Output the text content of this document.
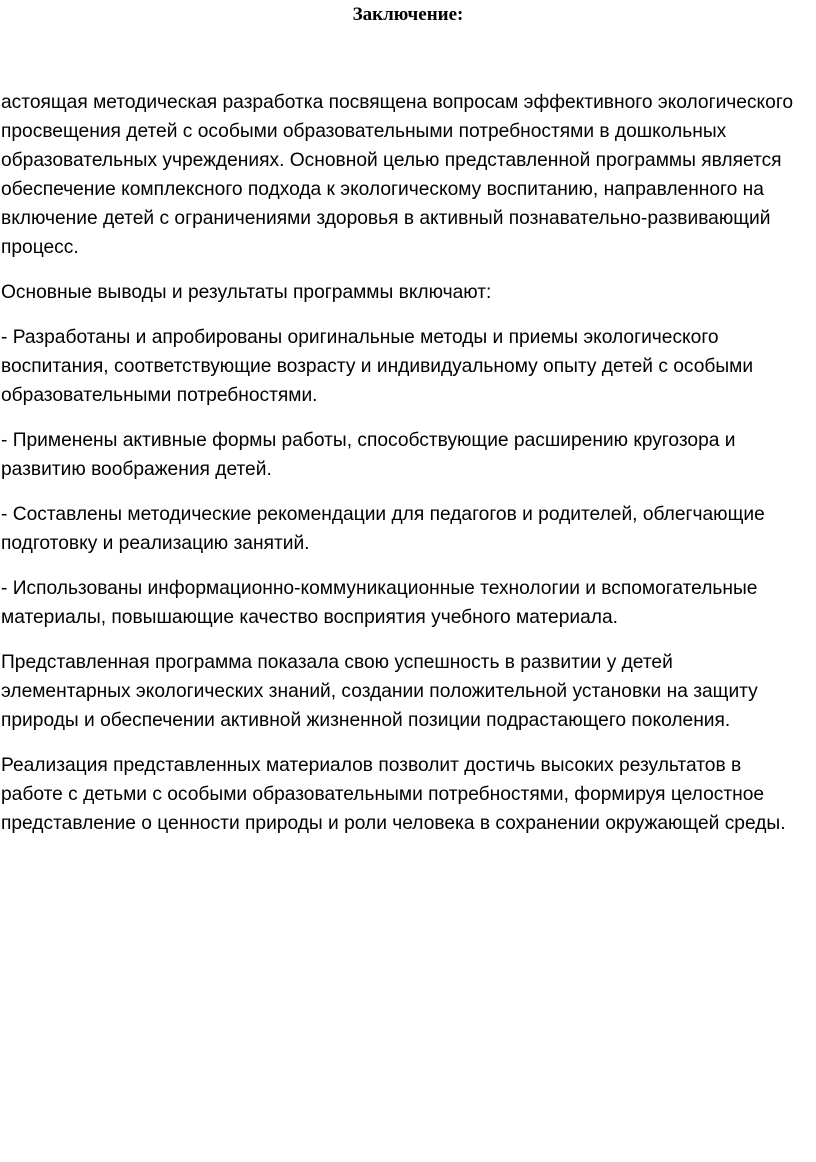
Заключение:

астоящая методическая разработка посвящена вопросам эффективного экологического
просвещения детей с особыми образовательными потребностями в дошкольных
образовательных учреждениях. Основной целью представленной программы является
обеспечение комплексного подхода к экологическому воспитанию, направленного на
включение детей с ограничениями здоровья в активный познавательно-развивающий
процесс.

Основные выводы и результаты программы включают:

- Разработаны и апробированы оригинальные методы и приемы экологического
воспитания, соответствующие возрасту и индивидуальному опыту детей с особыми
образовательными потребностями.

- Применены активные формы работы, способствующие расширению кругозора и
развитию воображения детей.

- Составлены методические рекомендации для педагогов и родителей, облегчающие
подготовку и реализацию занятий.

- Использованы информационно-коммуникационные технологии и вспомогательные
материалы, повышающие качество восприятия учебного материала.

Представленная программа показала свою успешность в развитии у детей
элементарных экологических знаний, создании положительной установки на защиту
природы и обеспечении активной жизненной позиции подрастающего поколения.

Реализация представленных материалов позволит достичь высоких результатов в
работе с детьми с особыми образовательными потребностями, формируя целостное
представление о ценности природы и роли человека в сохранении окружающей среды.
